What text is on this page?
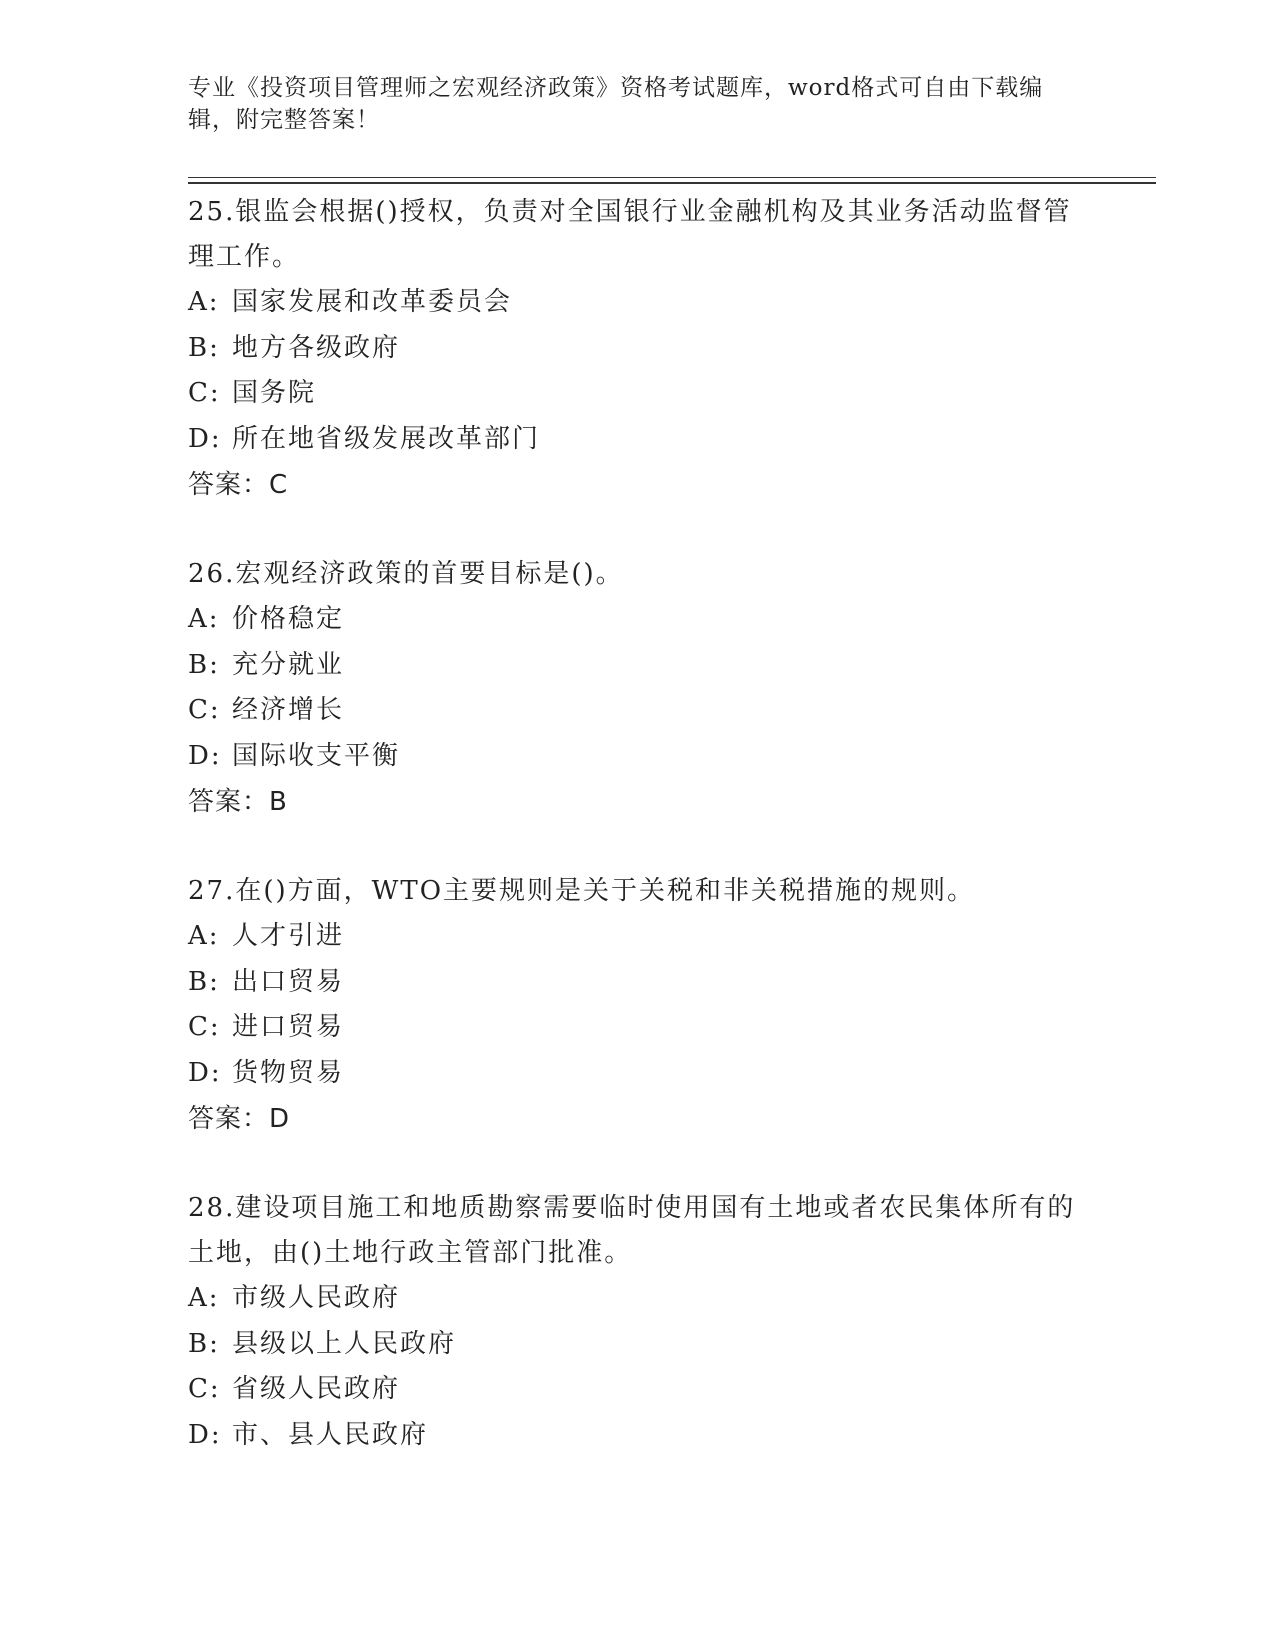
专业《投资项目管理师之宏观经济政策》资格考试题库，word格式可自由下载编辑，附完整答案！
25.银监会根据()授权，负责对全国银行业金融机构及其业务活动监督管理工作。
A: 国家发展和改革委员会
B: 地方各级政府
C: 国务院
D: 所在地省级发展改革部门
答案：C
26.宏观经济政策的首要目标是()。
A: 价格稳定
B: 充分就业
C: 经济增长
D: 国际收支平衡
答案：B
27.在()方面，WTO主要规则是关于关税和非关税措施的规则。
A: 人才引进
B: 出口贸易
C: 进口贸易
D: 货物贸易
答案：D
28.建设项目施工和地质勘察需要临时使用国有土地或者农民集体所有的土地，由()土地行政主管部门批准。
A: 市级人民政府
B: 县级以上人民政府
C: 省级人民政府
D: 市、县人民政府
